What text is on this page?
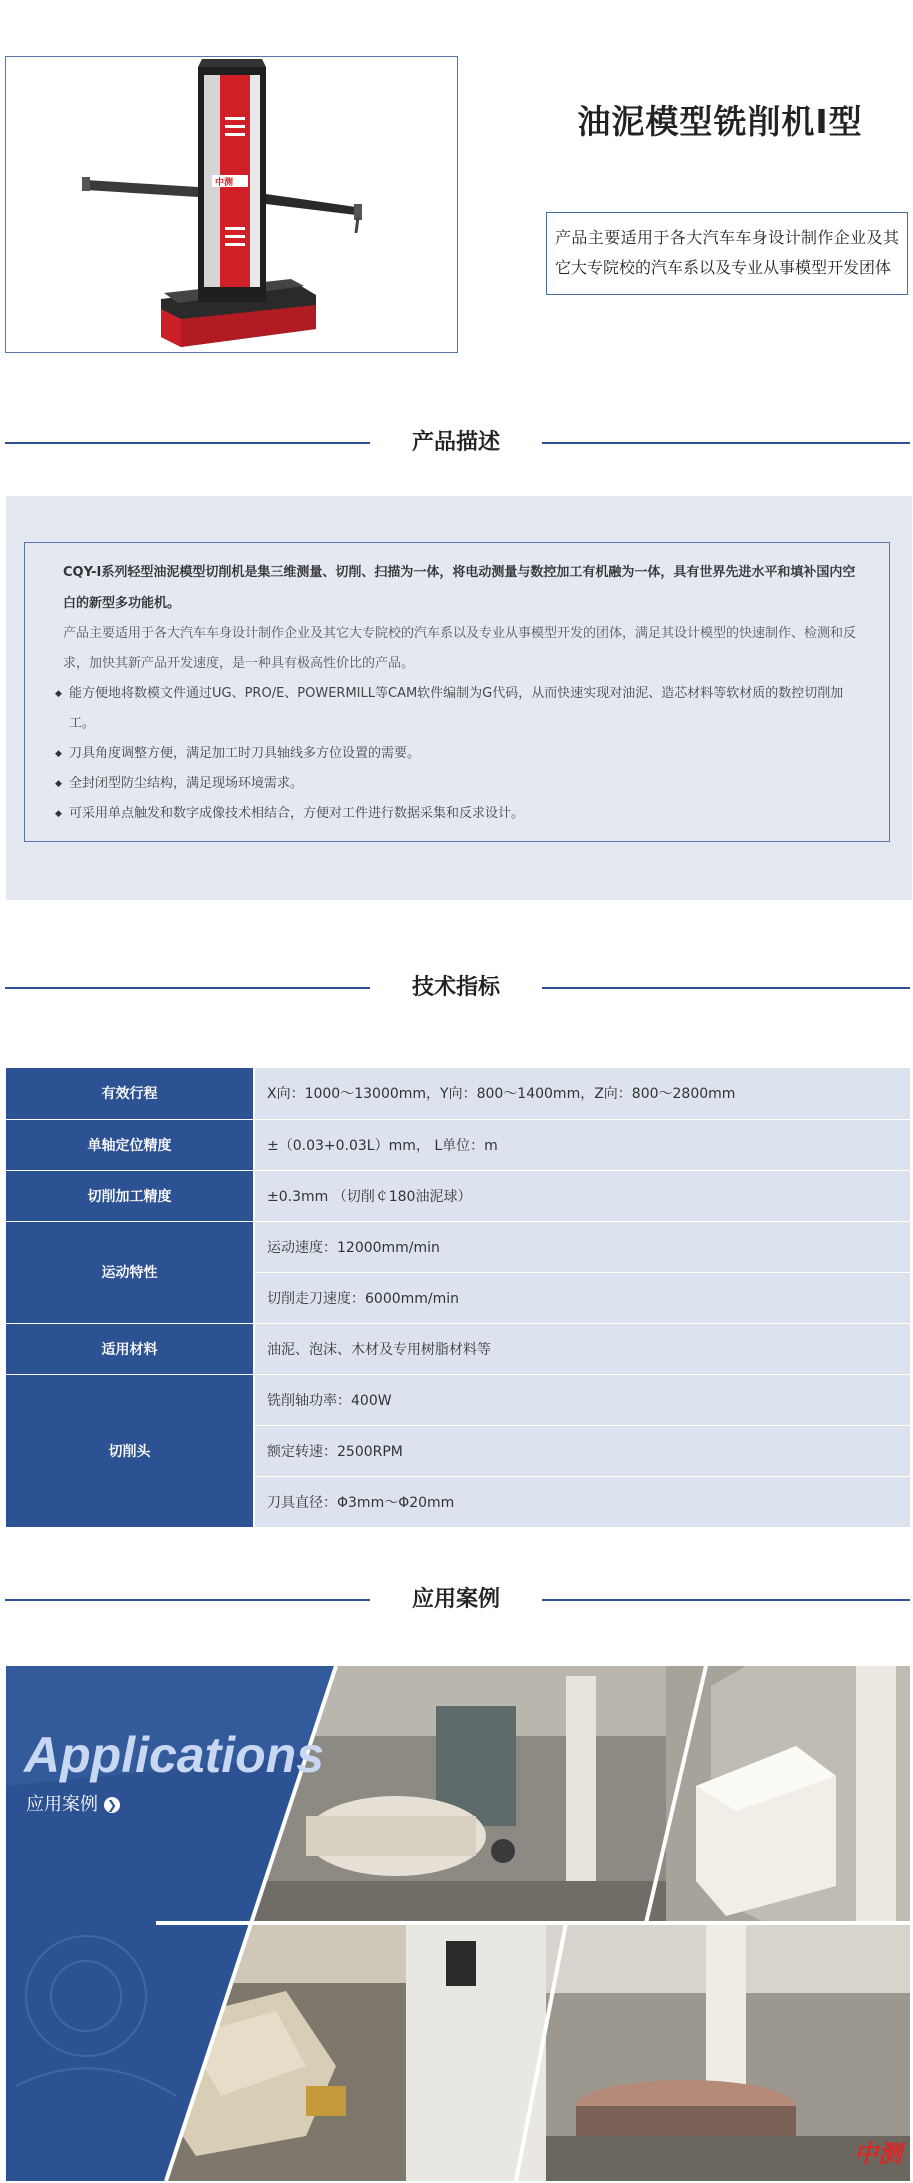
中测
油泥模型铣削机I型
产品主要适用于各大汽车车身设计制作企业及其它大专院校的汽车系以及专业从事模型开发团体
产品描述
CQY-I系列轻型油泥模型切削机是集三维测量、切削、扫描为一体，将电动测量与数控加工有机融为一体，具有世界先进水平和填补国内空白的新型多功能机。
产品主要适用于各大汽车车身设计制作企业及其它大专院校的汽车系以及专业从事模型开发的团体，满足其设计模型的快速制作、检测和反求，加快其新产品开发速度，是一种具有极高性价比的产品。
◆ 能方便地将数模文件通过UG、PRO/E、POWERMILL等CAM软件编制为G代码，从而快速实现对油泥、造芯材料等软材质的数控切削加工。
◆ 刀具角度调整方便，满足加工时刀具轴线多方位设置的需要。
◆ 全封闭型防尘结构，满足现场环境需求。
◆ 可采用单点触发和数字成像技术相结合，方便对工件进行数据采集和反求设计。
技术指标
有效行程	X向：1000～13000mm，Y向：800～1400mm，Z向：800～2800mm
单轴定位精度	±（0.03+0.03L）mm， L单位：m
切削加工精度	±0.3mm （切削￠180油泥球）
运动特性	运动速度：12000mm/min
	切削走刀速度：6000mm/min
适用材料	油泥、泡沫、木材及专用树脂材料等
切削头	铣削轴功率：400W
	额定转速：2500RPM
	刀具直径：Φ3mm～Φ20mm
应用案例
Applications
应用案例 ❯
中测
